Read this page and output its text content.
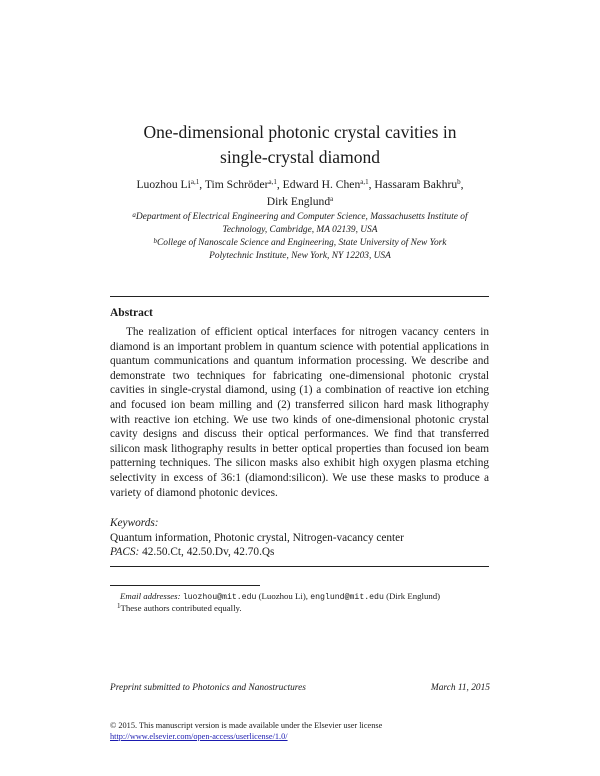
One-dimensional photonic crystal cavities in
single-crystal diamond
Luozhou Li$^{a,1}$, Tim Schröder$^{a,1}$, Edward H. Chen$^{a,1}$, Hassaram Bakhru$^b$,
Dirk Englund$^a$
$^a$Department of Electrical Engineering and Computer Science, Massachusetts Institute of
Technology, Cambridge, MA 02139, USA
$^b$College of Nanoscale Science and Engineering, State University of New York
Polytechnic Institute, New York, NY 12203, USA
Abstract

The realization of efficient optical interfaces for nitrogen vacancy centers in diamond is an important problem in quantum science with potential applications in quantum communications and quantum information processing. We describe and demonstrate two techniques for fabricating one-dimensional photonic crystal cavities in single-crystal diamond, using (1) a combination of reactive ion etching and focused ion beam milling and (2) transferred silicon hard mask lithography with reactive ion etching. We use two kinds of one-dimensional photonic crystal cavity designs and discuss their optical performances. We find that transferred silicon mask lithography results in better optical properties than focused ion beam patterning techniques. The silicon masks also exhibit high oxygen plasma etching selectivity in excess of 36:1 (diamond:silicon). We use these masks to produce a variety of diamond photonic devices.

Keywords:
Quantum information, Photonic crystal, Nitrogen-vacancy center
PACS: 42.50.Ct, 42.50.Dv, 42.70.Qs
Email addresses: luozhou@mit.edu (Luozhou Li), englund@mit.edu (Dirk Englund)
$^1$These authors contributed equally.
Preprint submitted to Photonics and Nanostructures	March 11, 2015
© 2015. This manuscript version is made available under the Elsevier user license
http://www.elsevier.com/open-access/userlicense/1.0/
